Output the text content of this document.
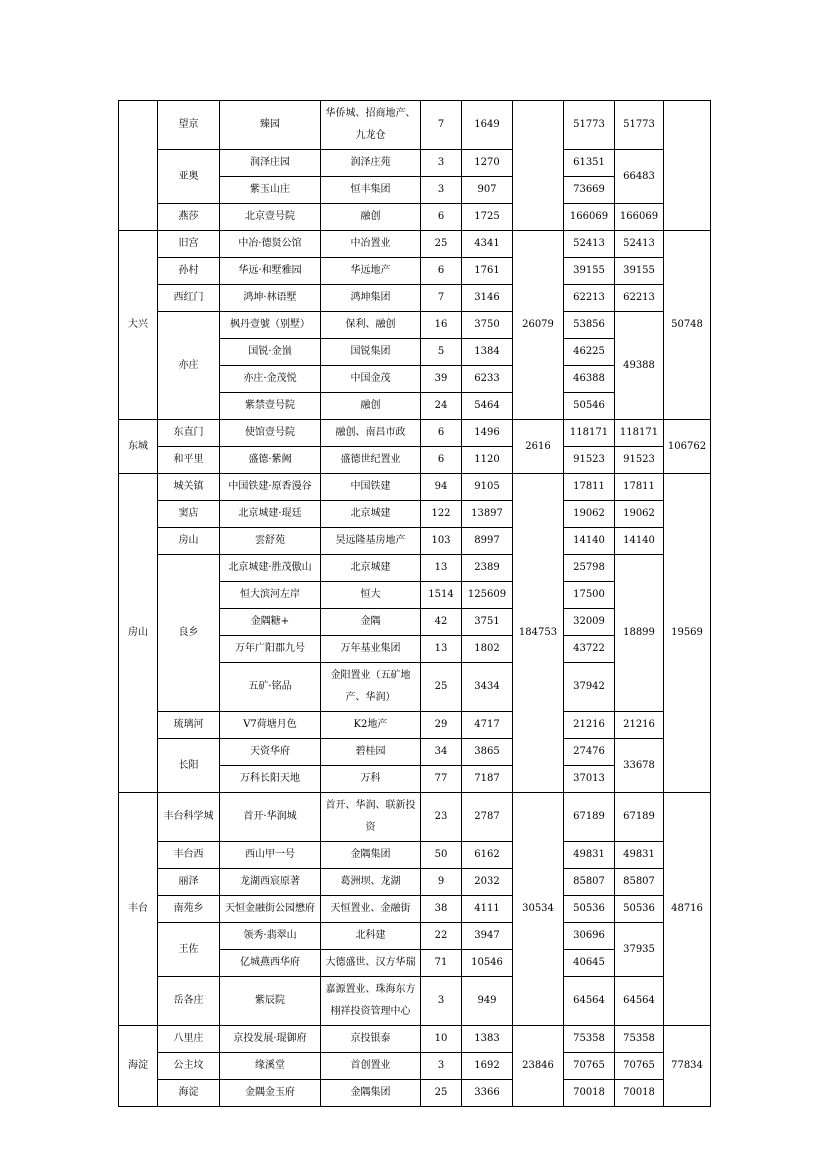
	望京	臻园	华侨城、招商地产、九龙仓	7	1649		51773	51773	
	亚奥	润泽庄园	润泽庄苑	3	1270		61351	66483	
		紫玉山庄	恒丰集团	3	907		73669		
	燕莎	北京壹号院	融创	6	1725		166069	166069	
大兴	旧宫	中冶·德贤公馆	中冶置业	25	4341	26079	52413	52413	50748
	孙村	华远·和墅雅园	华远地产	6	1761		39155	39155	
	西红门	鸿坤·林语墅	鸿坤集团	7	3146		62213	62213	
	亦庄	枫丹壹號（别墅）	保利、融创	16	3750		53856	49388	
		国锐·金嵿	国锐集团	5	1384		46225		
		亦庄·金茂悦	中国金茂	39	6233		46388		
		紫禁壹号院	融创	24	5464		50546		
东城	东直门	使馆壹号院	融创、南昌市政	6	1496	2616	118171	118171	106762
	和平里	盛德·紫阙	盛德世纪置业	6	1120		91523	91523	
房山	城关镇	中国铁建·原香漫谷	中国铁建	94	9105	184753	17811	17811	19569
	窦店	北京城建·琨廷	北京城建	122	13897		19062	19062	
	房山	雲舒苑	昊远隆基房地产	103	8997		14140	14140	
	良乡	北京城建·胜茂傲山	北京城建	13	2389		25798	18899	
		恒大滨河左岸	恒大	1514	125609		17500		
		金隅糖+	金隅	42	3751		32009		
		万年广阳郡九号	万年基业集团	13	1802		43722		
		五矿·铭品	金阳置业（五矿地产、华润）	25	3434		37942		
	琉璃河	V7荷塘月色	K2地产	29	4717		21216	21216	
	长阳	天资华府	碧桂园	34	3865		27476	33678	
		万科长阳天地	万科	77	7187		37013		
丰台	丰台科学城	首开·华润城	首开、华润、联新投资	23	2787	30534	67189	67189	48716
	丰台西	西山甲一号	金隅集团	50	6162		49831	49831	
	丽泽	龙湖西宸原著	葛洲坝、龙湖	9	2032		85807	85807	
	南苑乡	天恒金融街公园懋府	天恒置业、金融街	38	4111		50536	50536	
	王佐	领秀·翡翠山	北科建	22	3947		30696	37935	
		亿城燕西华府	大德盛世、汉方华瑞	71	10546		40645		
	岳各庄	紫辰院	嘉源置业、珠海东方栩祥投资管理中心	3	949		64564	64564	
海淀	八里庄	京投发展·琨御府	京投银泰	10	1383	23846	75358	75358	77834
	公主坟	缘溪堂	首创置业	3	1692		70765	70765	
	海淀	金隅金玉府	金隅集团	25	3366		70018	70018	
